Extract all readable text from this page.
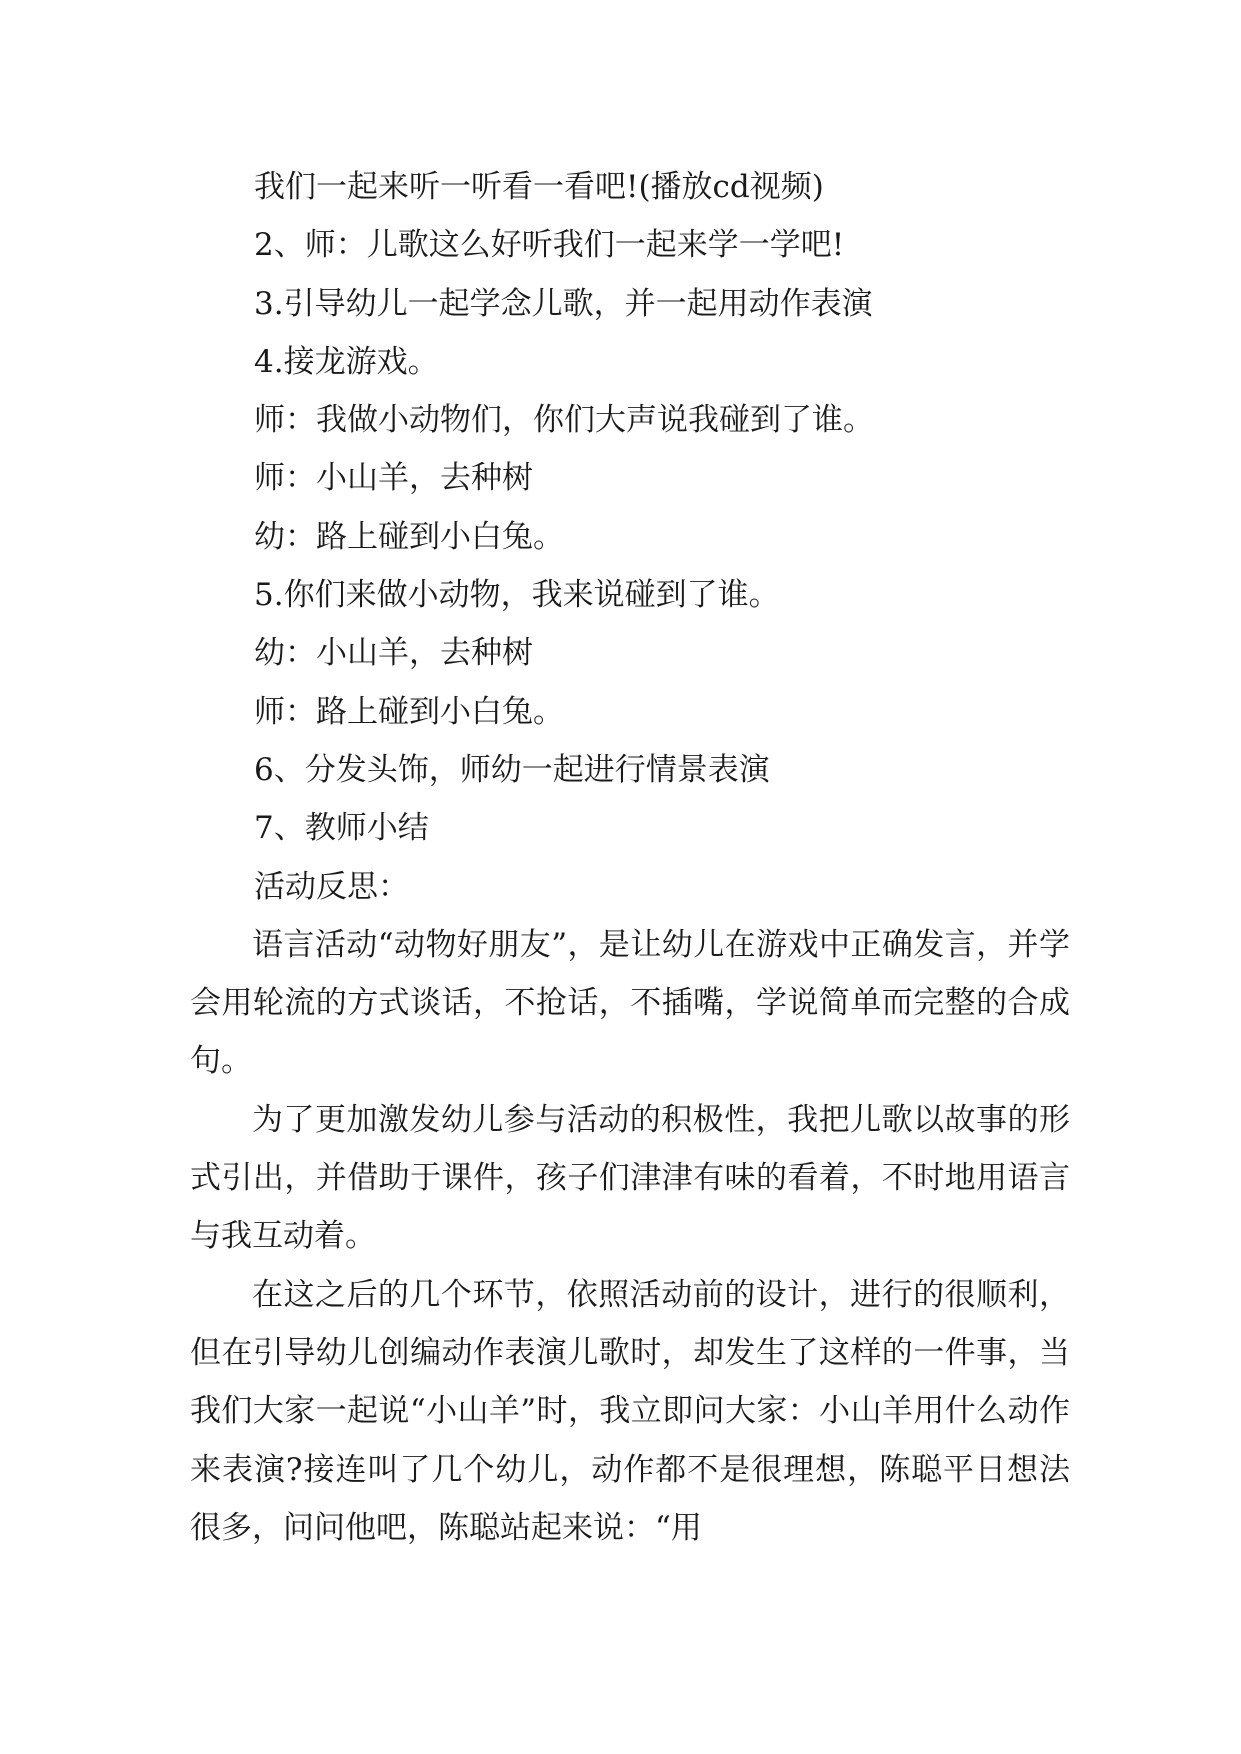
我们一起来听一听看一看吧!(播放cd视频)
2、师：儿歌这么好听我们一起来学一学吧!
3.引导幼儿一起学念儿歌，并一起用动作表演
4.接龙游戏。
师：我做小动物们，你们大声说我碰到了谁。
师：小山羊，去种树
幼：路上碰到小白兔。
5.你们来做小动物，我来说碰到了谁。
幼：小山羊，去种树
师：路上碰到小白兔。
6、分发头饰，师幼一起进行情景表演
7、教师小结
活动反思：

语言活动“动物好朋友”，是让幼儿在游戏中正确发言，并学会用轮流的方式谈话，不抢话，不插嘴，学说简单而完整的合成句。

为了更加激发幼儿参与活动的积极性，我把儿歌以故事的形式引出，并借助于课件，孩子们津津有味的看着，不时地用语言与我互动着。

在这之后的几个环节，依照活动前的设计，进行的很顺利，但在引导幼儿创编动作表演儿歌时，却发生了这样的一件事，当我们大家一起说“小山羊”时，我立即问大家：小山羊用什么动作来表演?接连叫了几个幼儿，动作都不是很理想，陈聪平日想法很多，问问他吧，陈聪站起来说：“用
